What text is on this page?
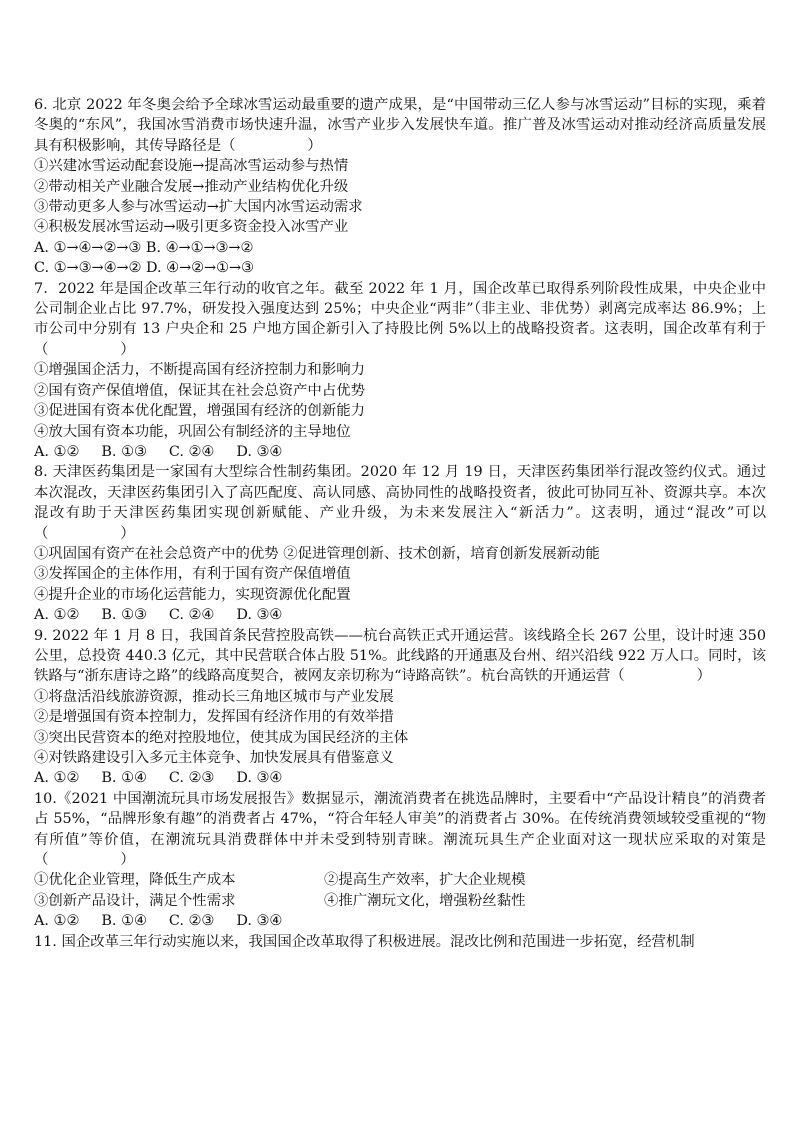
6. 北京 2022 年冬奥会给予全球冰雪运动最重要的遗产成果，是“中国带动三亿人参与冰雪运动”目标的实现，乘着冬奥的“东风”，我国冰雪消费市场快速升温，冰雪产业步入发展快车道。推广普及冰雪运动对推动经济高质量发展具有积极影响，其传导路径是（　　　　　）

①兴建冰雪运动配套设施→提高冰雪运动参与热情

②带动相关产业融合发展→推动产业结构优化升级

③带动更多人参与冰雪运动→扩大国内冰雪运动需求

④积极发展冰雪运动→吸引更多资金投入冰雪产业

A. ①→④→②→③ B. ④→①→③→②

C. ①→③→④→② D. ④→②→①→③

7．2022 年是国企改革三年行动的收官之年。截至 2022 年 1 月，国企改革已取得系列阶段性成果，中央企业中公司制企业占比 97.7%，研发投入强度达到 25%；中央企业“两非”（非主业、非优势）剥离完成率达 86.9%；上市公司中分别有 13 户央企和 25 户地方国企新引入了持股比例 5%以上的战略投资者。这表明，国企改革有利于（　　　　　）

①增强国企活力，不断提高国有经济控制力和影响力

②国有资产保值增值，保证其在社会总资产中占优势

③促进国有资本优化配置，增强国有经济的创新能力

④放大国有资本功能，巩固公有制经济的主导地位

A. ①② B. ①③ C. ②④ D. ③④

8. 天津医药集团是一家国有大型综合性制药集团。2020 年 12 月 19 日，天津医药集团举行混改签约仪式。通过本次混改，天津医药集团引入了高匹配度、高认同感、高协同性的战略投资者，彼此可协同互补、资源共享。本次混改有助于天津医药集团实现创新赋能、产业升级，为未来发展注入“新活力”。这表明，通过“混改”可以（　　　　　）

①巩固国有资产在社会总资产中的优势 ②促进管理创新、技术创新，培育创新发展新动能

③发挥国企的主体作用，有利于国有资产保值增值

④提升企业的市场化运营能力，实现资源优化配置

A. ①② B. ①③ C. ②④ D. ③④

9. 2022 年 1 月 8 日，我国首条民营控股高铁——杭台高铁正式开通运营。该线路全长 267 公里，设计时速 350 公里，总投资 440.3 亿元，其中民营联合体占股 51%。此线路的开通惠及台州、绍兴沿线 922 万人口。同时，该铁路与“浙东唐诗之路”的线路高度契合，被网友亲切称为“诗路高铁”。杭台高铁的开通运营（　　　　　）

①将盘活沿线旅游资源，推动长三角地区城市与产业发展

②是增强国有资本控制力，发挥国有经济作用的有效举措

③突出民营资本的绝对控股地位，使其成为国民经济的主体

④对铁路建设引入多元主体竞争、加快发展具有借鉴意义

A. ①② B. ①④ C. ②③ D. ③④

10.《2021 中国潮流玩具市场发展报告》数据显示，潮流消费者在挑选品牌时，主要看中“产品设计精良”的消费者占 55%，“品牌形象有趣”的消费者占 47%，“符合年轻人审美”的消费者占 30%。在传统消费领域较受重视的“物有所值”等价值，在潮流玩具消费群体中并未受到特别青睐。潮流玩具生产企业面对这一现状应采取的对策是（　　　　　）

①优化企业管理，降低生产成本	②提高生产效率，扩大企业规模

③创新产品设计，满足个性需求	④推广潮玩文化，增强粉丝黏性

A. ①② B. ①④ C. ②③ D. ③④

11. 国企改革三年行动实施以来，我国国企改革取得了积极进展。混改比例和范围进一步拓宽，经营机制
